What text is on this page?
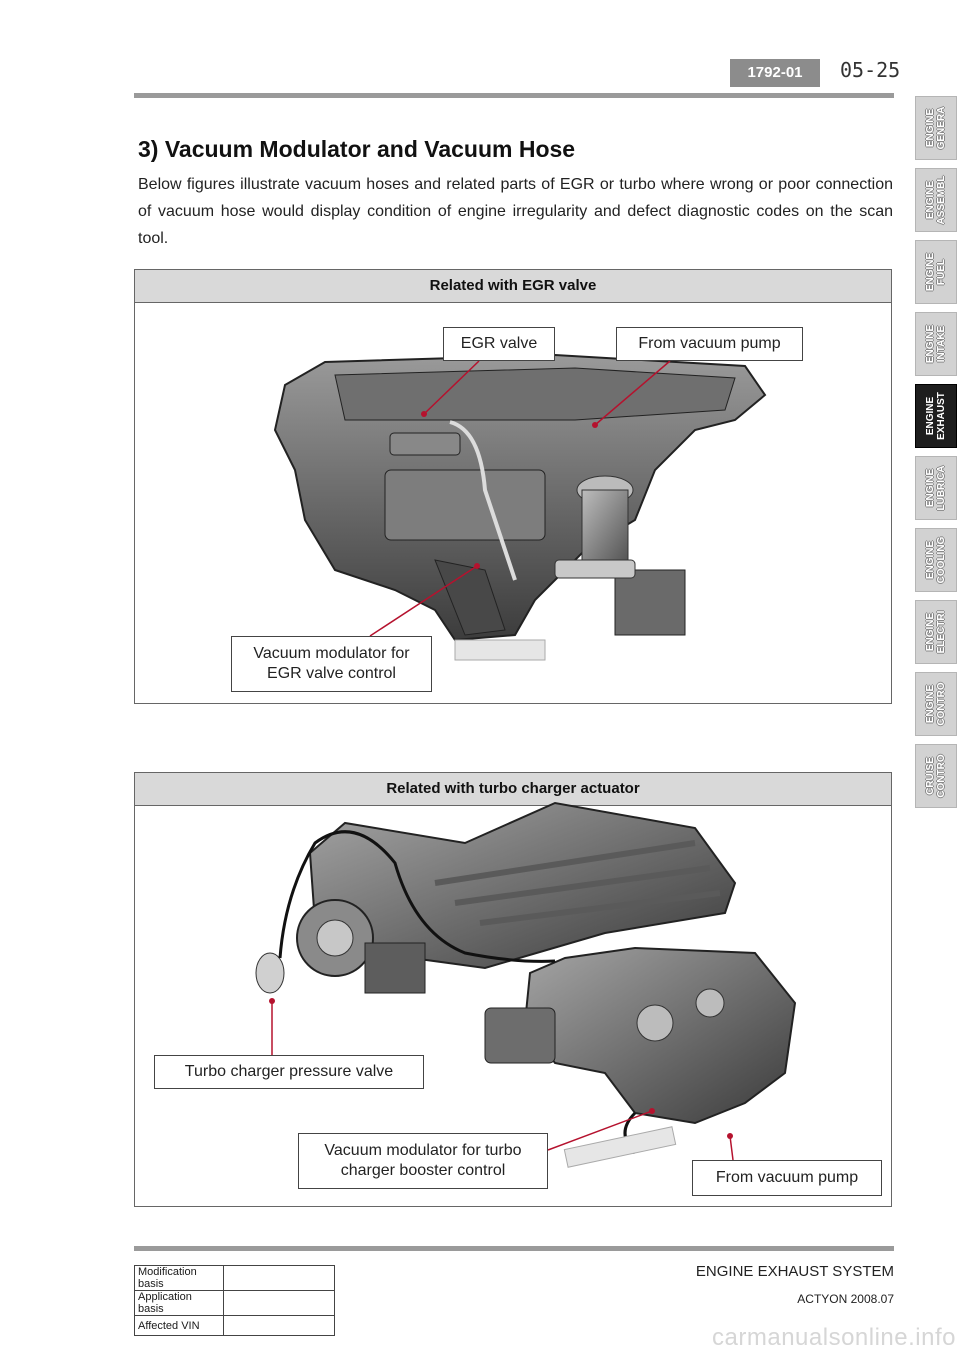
1792-01	05-25
ENGINE
GENERA
ENGINE
ASSEMBL
ENGINE
FUEL
ENGINE
INTAKE
ENGINE
EXHAUST
ENGINE
LUBRICA
ENGINE
COOLING
ENGINE
ELECTRI
ENGINE
CONTRO
CRUISE
CONTRO
3) Vacuum Modulator and Vacuum Hose

Below figures illustrate vacuum hoses and related parts of EGR or turbo where wrong or poor connection of vacuum hose would display condition of engine irregularity and defect diagnostic codes on the scan tool.

Related with EGR valve
EGR valve	From vacuum pump
Vacuum modulator for EGR valve control
Related with turbo charger actuator
Turbo charger pressure valve
Vacuum modulator for turbo charger booster control	From vacuum pump
Modification basis	
Application basis	
Affected VIN	
ENGINE EXHAUST SYSTEM
ACTYON 2008.07
carmanualsonline.info
